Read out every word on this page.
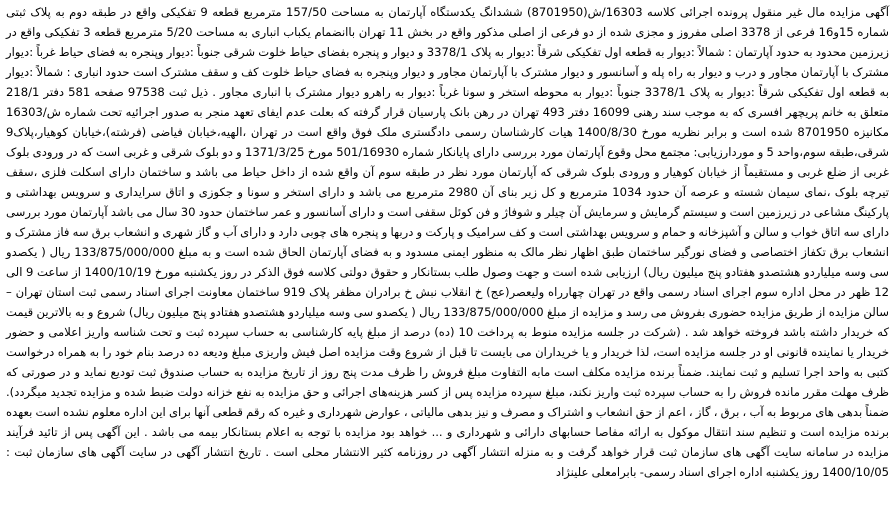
آگهی مزایده مال غیر منقول پرونده اجرائی کلاسه 16303/ش(8701950) ششدانگ یکدستگاه آپارتمان به مساحت 157/50 مترمربع قطعه 9 تفکیکی واقع در طبقه دوم به پلاک ثبتی شماره 15و16 فرعی از 3378 اصلی مفروز و مجزی شده از دو فرعی از اصلی مذکور واقع در بخش 11 تهران باانضمام یکباب انباری به مساحت 5/20 مترمربع قطعه 3 تفکیکی واقع در زیرزمین محدود به حدود آپارتمان : شمالاً :دیوار به قطعه اول تفکیکی شرقاً :دیوار به پلاک 3378/1 و دیوار و پنجره بفضای حیاط خلوت شرقی جنوباً :دیوار وپنجره به فضای حیاط غرباً :دیوار مشترک با آپارتمان مجاور و درب و دیوار به راه پله و آسانسور و دیوار مشترک با آپارتمان مجاور و دیوار وپنجره به فضای حیاط خلوت کف و سقف مشترک است حدود انباری : شمالاً :دیوار به قطعه اول تفکیکی شرقاً :دیوار به پلاک 3378/1 جنوباً :دیوار به محوطه استخر و سونا غرباً :دیوار به راهرو دیوار مشترک با انباری مجاور . ذیل ثبت 97538 صفحه 581 دفتر 218/1 متعلق به خانم پریچهر افسری که به موجب سند رهنی 16099 دفتر 493 تهران در رهن بانک پارسیان قرار گرفته که بعلت عدم ایفای تعهد منجر به صدور اجرائیه تحت شماره ش/16303 مکانیزه 8701950 شده است و برابر نظریه مورخ 1400/8/30 هیات کارشناسان رسمی دادگستری ملک فوق واقع است در تهران ،الهیه،خیابان فیاضی (فرشته)،خیابان کوهیار،پلاک9 شرقی،طبقه سوم،واحد 5 و موردارزیابی: مجتمع محل وقوع آپارتمان مورد بررسی دارای پایانکار شماره 501/16930 مورخ 1371/3/25 و دو بلوک شرقی و غربی است که در ورودی بلوک غربی از ضلع غربی و مستقیماً از خیابان کوهیار و ورودی بلوک شرقی که آپارتمان مورد نظر در طبقه سوم آن واقع شده از داخل حیاط می باشد و ساختمان دارای اسکلت فلزی ،سقف تیرچه بلوک ،نمای سیمان شسته و عرصه آن حدود 1034 مترمربع و کل زیر بنای آن 2980 مترمربع می باشد و دارای استخر و سونا و جکوزی و اتاق سرایداری و سرویس بهداشتی و پارکینگ مشاعی در زیرزمین است و سیستم گرمایش و سرمایش آن چیلر و شوفاژ و فن کوئل سقفی است و دارای آسانسور و عمر ساختمان حدود 30 سال می باشد آپارتمان مورد بررسی دارای سه اتاق خواب و سالن و آشپزخانه و حمام و سرویس بهداشتی است و کف سرامیک و پارکت و دربها و پنجره های چوبی دارد و دارای آب و گاز شهری و انشعاب برق سه فاز مشترک و انشعاب برق تکفاز اختصاصی و فضای نورگیر ساختمان طبق اظهار نظر مالک به منظور ایمنی مسدود و به فضای آپارتمان الحاق شده است و به مبلغ 133/875/000/000 ریال ( یکصدو سی وسه میلیاردو هشتصدو هفتادو پنج میلیون ریال) ارزیابی شده است و جهت وصول طلب بستانکار و حقوق دولتی کلاسه فوق الذکر در روز یکشنبه مورخ 1400/10/19 از ساعت 9 الی 12 ظهر در محل اداره سوم اجرای اسناد رسمی واقع در تهران چهارراه ولیعصر(عج) خ انقلاب نبش خ برادران مظفر پلاک 919 ساختمان معاونت اجرای اسناد رسمی ثبت استان تهران – سالن مزایده از طریق مزایده حضوری بفروش می رسد و مزایده از مبلغ 133/875/000/000 ریال ( یکصدو سی وسه میلیاردو هشتصدو هفتادو پنج میلیون ریال) شروع و به بالاترین قیمت که خریدار داشته باشد فروخته خواهد شد . (شرکت در جلسه مزایده منوط به پرداخت 10 (ده) درصد از مبلغ پایه کارشناسی به حساب سپرده ثبت و تحت شناسه واریز اعلامی و حضور خریدار یا نماینده قانونی او در جلسه مزایده است، لذا خریدار و یا خریداران می بایست تا قبل از شروع وقت مزایده اصل فیش واریزی مبلغ ودیعه ده درصد بنام خود را به همراه درخواست کتبی به واحد اجرا تسلیم و ثبت نمایند. ضمناً برنده مزایده مکلف است مابه التفاوت مبلغ فروش را ظرف مدت پنج روز از تاریخ مزایده به حساب صندوق ثبت تودیع نماید و در صورتی که ظرف مهلت مقرر مانده فروش را به حساب سپرده ثبت واریز نکند، مبلغ سپرده مزایده پس از کسر هزینه‌های اجرائی و حق مزایده به نفع خزانه دولت ضبط شده و مزایده تجدید میگردد). ضمناً بدهی های مربوط به آب ، برق ، گاز ، اعم از حق انشعاب و اشتراک و مصرف و نیز بدهی مالیاتی ، عوارض شهرداری و غیره که رقم قطعی آنها برای این اداره معلوم نشده است بعهده برنده مزایده است و تنظیم سند انتقال موکول به ارائه مفاصا حسابهای دارائی و شهرداری و ... خواهد بود مزایده با توجه به اعلام بستانکار بیمه می باشد . این آگهی پس از تائید فرآیند مزایده در سامانه سایت آگهی های سازمان ثبت قرار خواهد گرفت و به منزله انتشار آگهی در روزنامه کثیر الانتشار محلی است . تاریخ انتشار آگهی در سایت آگهی های سازمان ثبت : 1400/10/05 روز یکشنبه اداره اجرای اسناد رسمی- بابرامعلی علینژاد
